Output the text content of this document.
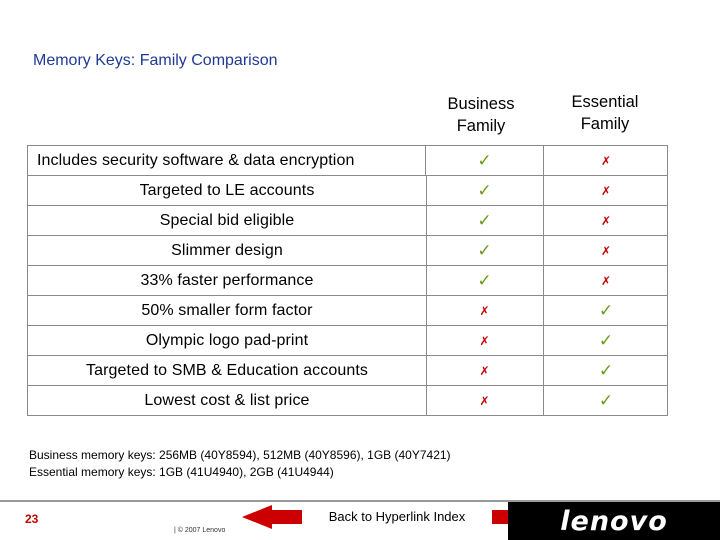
Memory Keys: Family Comparison
Business
Family
Essential
Family
Includes security software & data encryption	✓	✗
Targeted to LE accounts	✓	✗
Special bid eligible	✓	✗
Slimmer design	✓	✗
33% faster performance	✓	✗
50% smaller form factor	✗	✓
Olympic logo pad-print	✗	✓
Targeted to SMB & Education accounts	✗	✓
Lowest cost & list price	✗	✓
Business memory keys: 256MB (40Y8594), 512MB (40Y8596), 1GB (40Y7421)
Essential memory keys: 1GB (41U4940), 2GB (41U4944)
23
| © 2007 Lenovo
Back to Hyperlink Index	lenovo
